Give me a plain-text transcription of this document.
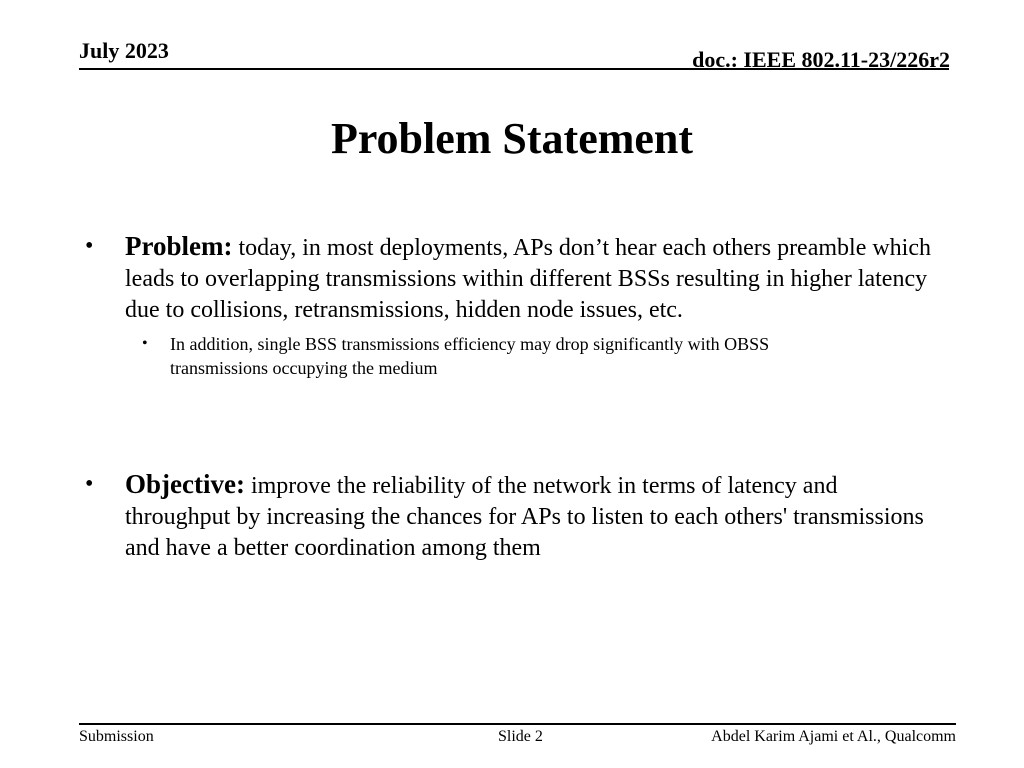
July 2023	doc.: IEEE 802.11-23/226r2
Problem Statement
• Problem: today, in most deployments, APs don’t hear each others preamble which leads to overlapping transmissions within different BSSs resulting in higher latency due to collisions, retransmissions, hidden node issues, etc.
• In addition, single BSS transmissions efficiency may drop significantly with OBSS transmissions occupying the medium
• Objective: improve the reliability of the network in terms of latency and throughput by increasing the chances for APs to listen to each others' transmissions and have a better coordination among them
Submission	Slide 2	Abdel Karim Ajami et Al., Qualcomm
